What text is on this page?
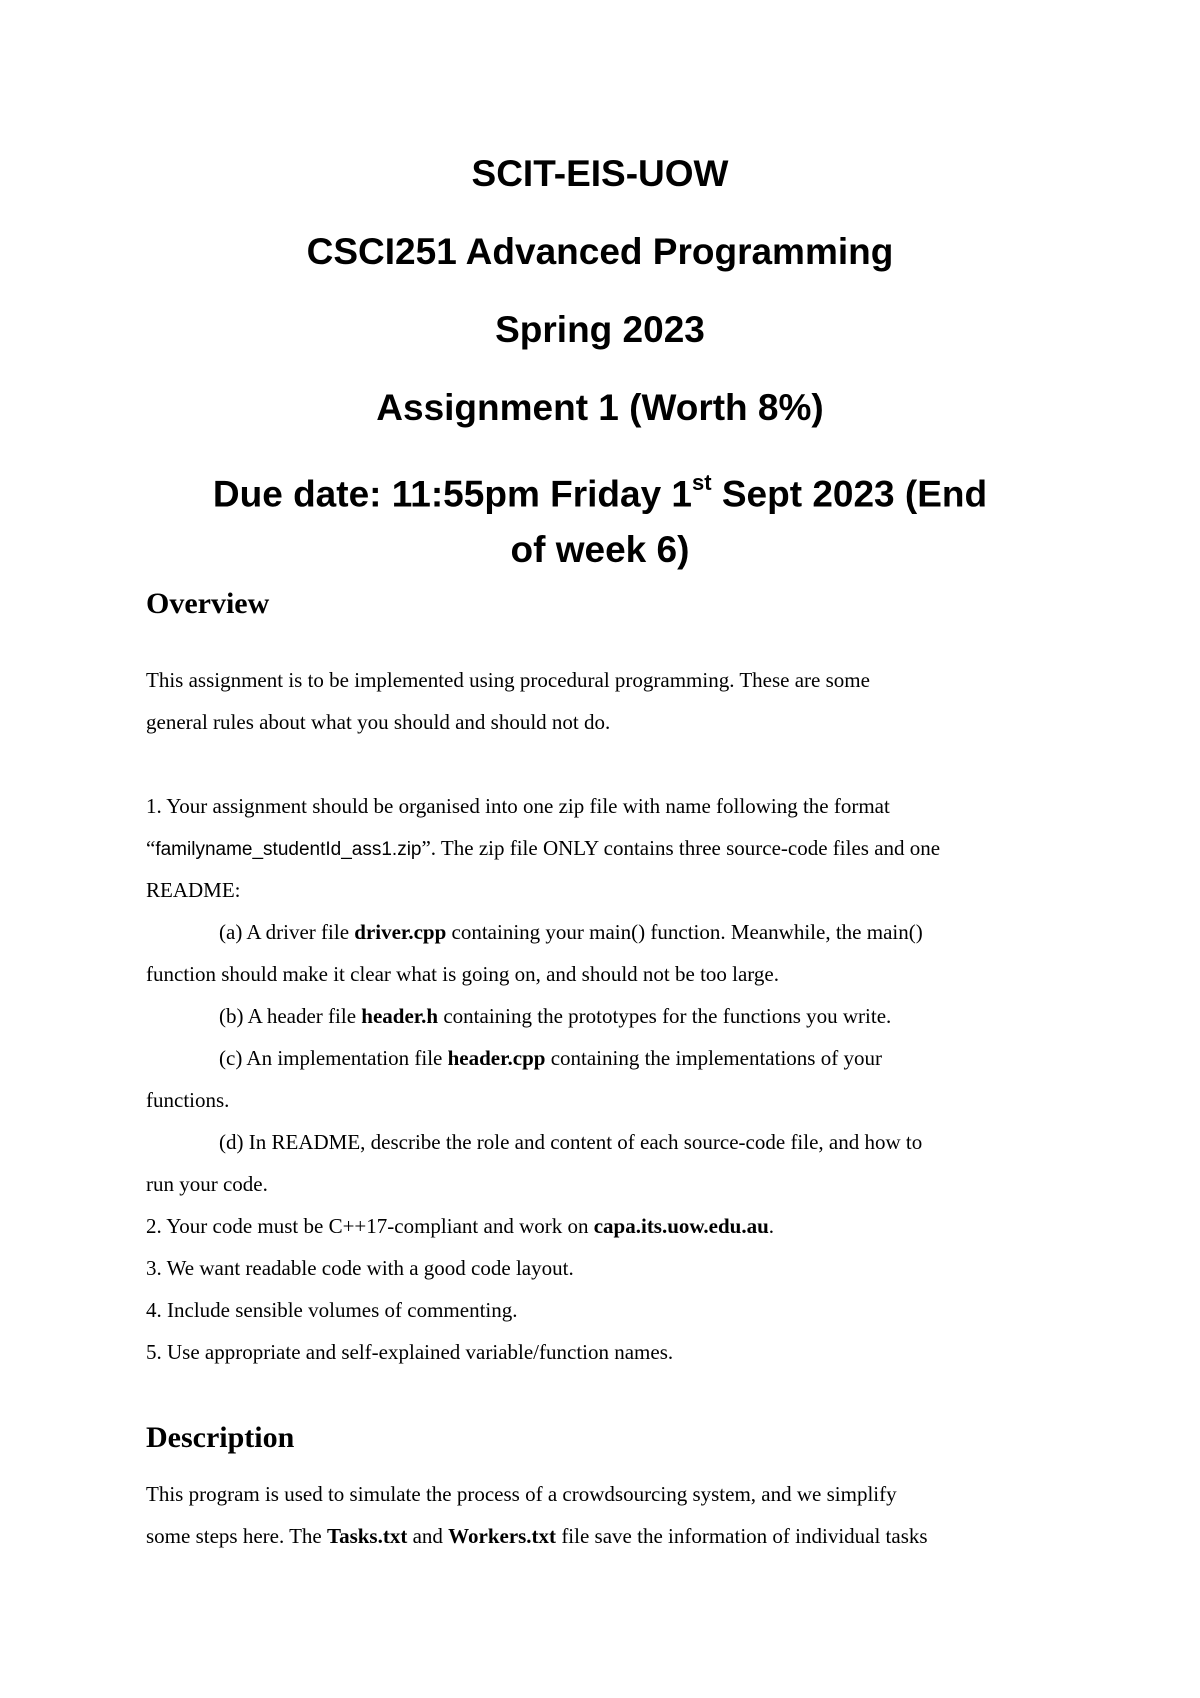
SCIT-EIS-UOW
CSCI251 Advanced Programming
Spring 2023
Assignment 1 (Worth 8%)
Due date: 11:55pm Friday 1st Sept 2023 (End
of week 6)
Overview

This assignment is to be implemented using procedural programming. These are some

general rules about what you should and should not do.

1. Your assignment should be organised into one zip file with name following the format

“familyname_studentId_ass1.zip”. The zip file ONLY contains three source-code files and one

README:

(a) A driver file driver.cpp containing your main() function. Meanwhile, the main()

function should make it clear what is going on, and should not be too large.

(b) A header file header.h containing the prototypes for the functions you write.

(c) An implementation file header.cpp containing the implementations of your

functions.

(d) In README, describe the role and content of each source-code file, and how to

run your code.

2. Your code must be C++17-compliant and work on capa.its.uow.edu.au.

3. We want readable code with a good code layout.

4. Include sensible volumes of commenting.

5. Use appropriate and self-explained variable/function names.

Description

This program is used to simulate the process of a crowdsourcing system, and we simplify

some steps here. The Tasks.txt and Workers.txt file save the information of individual tasks
